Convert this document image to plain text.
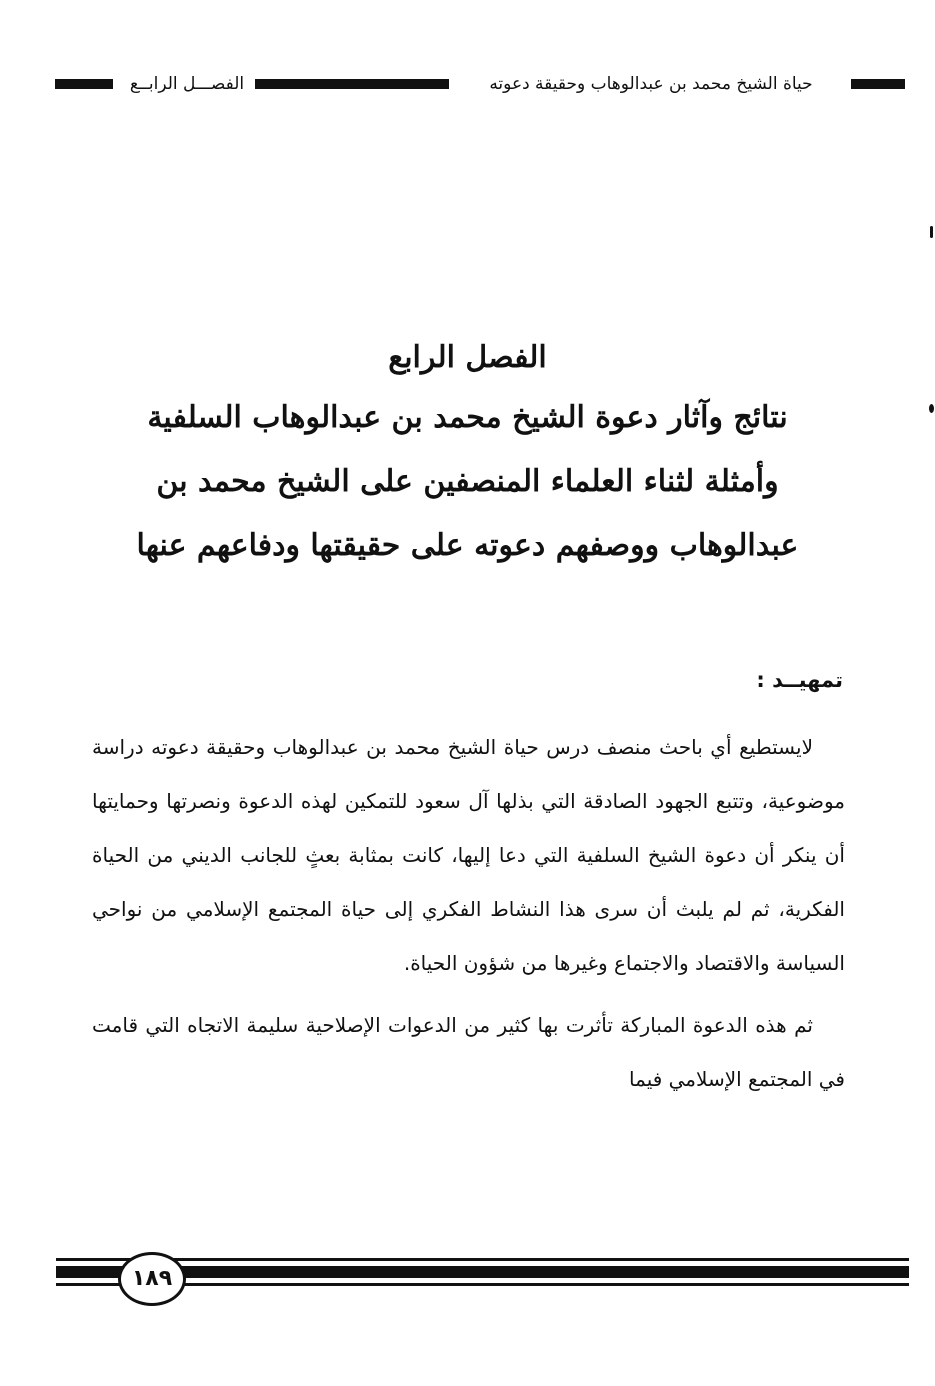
الفصـــل الرابــع	حياة الشيخ محمد بن عبدالوهاب وحقيقة دعوته
الفصل الرابع
نتائج وآثار دعوة الشيخ محمد بن عبدالوهاب السلفية
وأمثلة لثناء العلماء المنصفين على الشيخ محمد بن
عبدالوهاب ووصفهم دعوته على حقيقتها ودفاعهم عنها
تمهيــد :

لايستطيع أي باحث منصف درس حياة الشيخ محمد بن عبدالوهاب وحقيقة دعوته دراسة موضوعية، وتتبع الجهود الصادقة التي بذلها آل سعود للتمكين لهذه الدعوة ونصرتها وحمايتها أن ينكر أن دعوة الشيخ السلفية التي دعا إليها، كانت بمثابة بعثٍ للجانب الديني من الحياة الفكرية، ثم لم يلبث أن سرى هذا النشاط الفكري إلى حياة المجتمع الإسلامي من نواحي السياسة والاقتصاد والاجتماع وغيرها من شؤون الحياة.

ثم هذه الدعوة المباركة تأثرت بها كثير من الدعوات الإصلاحية سليمة الاتجاه التي قامت في المجتمع الإسلامي فيما

١٨٩
